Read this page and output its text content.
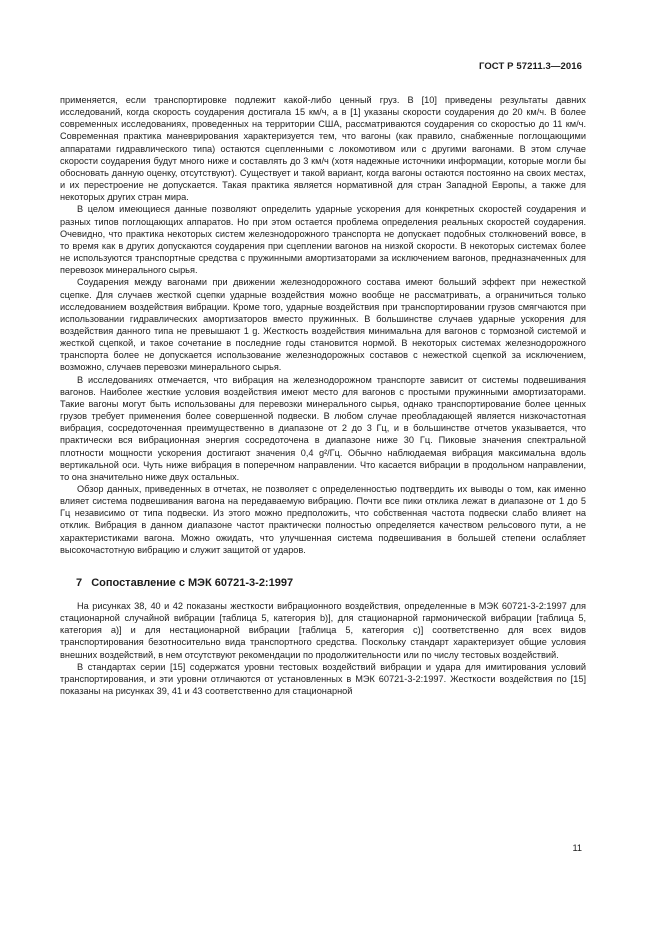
ГОСТ Р 57211.3—2016

применяется, если транспортировке подлежит какой-либо ценный груз. В [10] приведены результаты давних исследований, когда скорость соударения достигала 15 км/ч, а в [1] указаны скорости соударения до 20 км/ч. В более современных исследованиях, проведенных на территории США, рассматриваются соударения со скоростью до 11 км/ч. Современная практика маневрирования характеризуется тем, что вагоны (как правило, снабженные поглощающими аппаратами гидравлического типа) остаются сцепленными с локомотивом или с другими вагонами. В этом случае скорости соударения будут много ниже и составлять до 3 км/ч (хотя надежные источники информации, которые могли бы обосновать данную оценку, отсутствуют). Существует и такой вариант, когда вагоны остаются постоянно на своих местах, и их перестроение не допускается. Такая практика является нормативной для стран Западной Европы, а также для некоторых других стран мира.

В целом имеющиеся данные позволяют определить ударные ускорения для конкретных скоростей соударения и разных типов поглощающих аппаратов. Но при этом остается проблема определения реальных скоростей соударения. Очевидно, что практика некоторых систем железнодорожного транспорта не допускает подобных столкновений вовсе, в то время как в других допускаются соударения при сцеплении вагонов на низкой скорости. В некоторых системах более не используются транспортные средства с пружинными амортизаторами за исключением вагонов, предназначенных для перевозок минерального сырья.

Соударения между вагонами при движении железнодорожного состава имеют больший эффект при нежесткой сцепке. Для случаев жесткой сцепки ударные воздействия можно вообще не рассматривать, а ограничиться только исследованием воздействия вибрации. Кроме того, ударные воздействия при транспортировании грузов смягчаются при использовании гидравлических амортизаторов вместо пружинных. В большинстве случаев ударные ускорения для воздействия данного типа не превышают 1 g. Жесткость воздействия минимальна для вагонов с тормозной системой и жесткой сцепкой, и такое сочетание в последние годы становится нормой. В некоторых системах железнодорожного транспорта более не допускается использование железнодорожных составов с нежесткой сцепкой за исключением, возможно, случаев перевозки минерального сырья.

В исследованиях отмечается, что вибрация на железнодорожном транспорте зависит от системы подвешивания вагонов. Наиболее жесткие условия воздействия имеют место для вагонов с простыми пружинными амортизаторами. Такие вагоны могут быть использованы для перевозки минерального сырья, однако транспортирование более ценных грузов требует применения более совершенной подвески. В любом случае преобладающей является низкочастотная вибрация, сосредоточенная преимущественно в диапазоне от 2 до 3 Гц, и в большинстве отчетов указывается, что практически вся вибрационная энергия сосредоточена в диапазоне ниже 30 Гц. Пиковые значения спектральной плотности мощности ускорения достигают значения 0,4 g²/Гц. Обычно наблюдаемая вибрация максимальна вдоль вертикальной оси. Чуть ниже вибрация в поперечном направлении. Что касается вибрации в продольном направлении, то она значительно ниже двух остальных.

Обзор данных, приведенных в отчетах, не позволяет с определенностью подтвердить их выводы о том, как именно влияет система подвешивания вагона на передаваемую вибрацию. Почти все пики отклика лежат в диапазоне от 1 до 5 Гц независимо от типа подвески. Из этого можно предположить, что собственная частота подвески слабо влияет на отклик. Вибрация в данном диапазоне частот практически полностью определяется качеством рельсового пути, а не характеристиками вагона. Можно ожидать, что улучшенная система подвешивания в большей степени ослабляет высокочастотную вибрацию и служит защитой от ударов.

7 Сопоставление с МЭК 60721-3-2:1997

На рисунках 38, 40 и 42 показаны жесткости вибрационного воздействия, определенные в МЭК 60721-3-2:1997 для стационарной случайной вибрации [таблица 5, категория b)], для стационарной гармонической вибрации [таблица 5, категория а)] и для нестационарной вибрации [таблица 5, категория с)] соответственно для всех видов транспортирования безотносительно вида транспортного средства. Поскольку стандарт характеризует общие условия внешних воздействий, в нем отсутствуют рекомендации по продолжительности или по числу тестовых воздействий.

В стандартах серии [15] содержатся уровни тестовых воздействий вибрации и удара для имитирования условий транспортирования, и эти уровни отличаются от установленных в МЭК 60721-3-2:1997. Жесткости воздействия по [15] показаны на рисунках 39, 41 и 43 соответственно для стационарной

11
